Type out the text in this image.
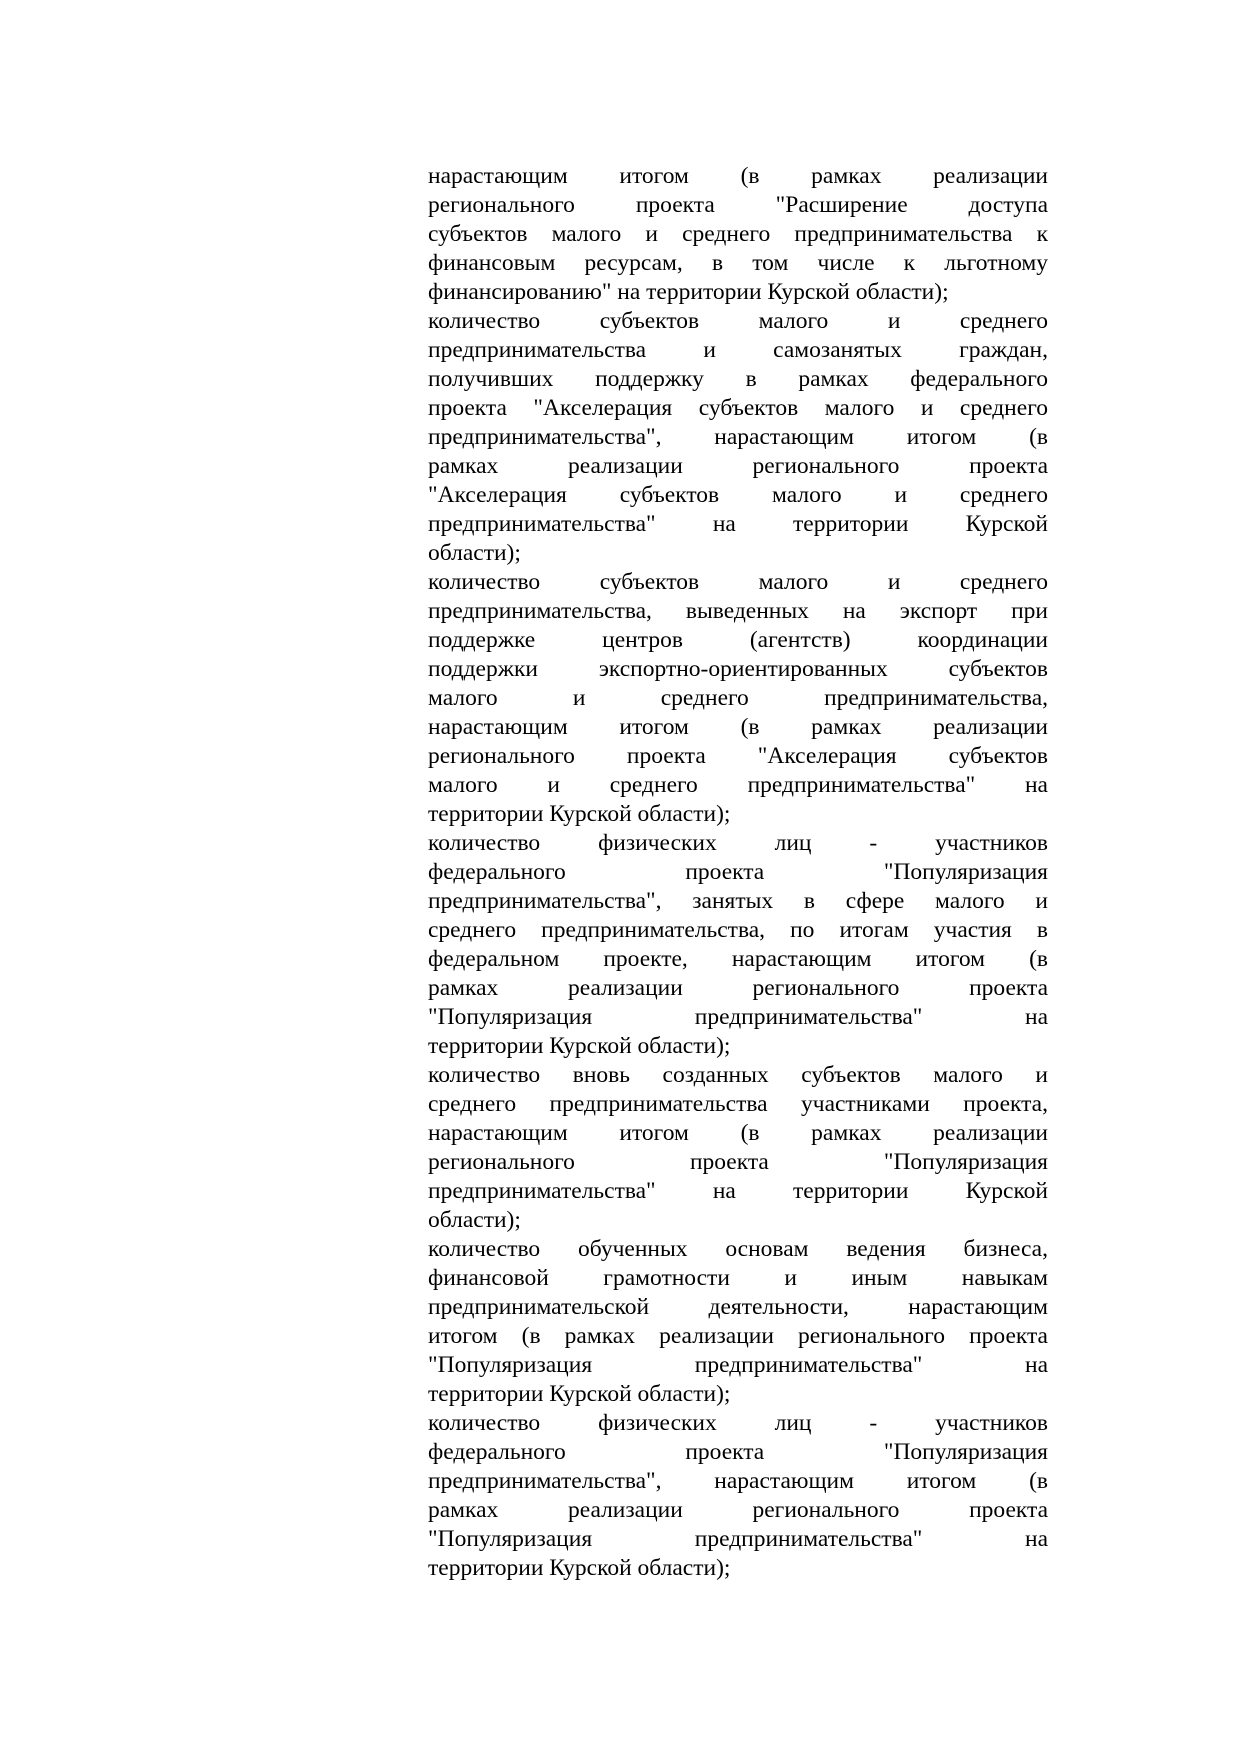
нарастающим итогом (в рамках реализации
регионального проекта "Расширение доступа
субъектов малого и среднего предпринимательства к
финансовым ресурсам, в том числе к льготному
финансированию" на территории Курской области);
количество субъектов малого и среднего
предпринимательства и самозанятых граждан,
получивших поддержку в рамках федерального
проекта "Акселерация субъектов малого и среднего
предпринимательства", нарастающим итогом (в
рамках реализации регионального проекта
"Акселерация субъектов малого и среднего
предпринимательства" на территории Курской
области);
количество субъектов малого и среднего
предпринимательства, выведенных на экспорт при
поддержке центров (агентств) координации
поддержки экспортно-ориентированных субъектов
малого и среднего предпринимательства,
нарастающим итогом (в рамках реализации
регионального проекта "Акселерация субъектов
малого и среднего предпринимательства" на
территории Курской области);
количество физических лиц - участников
федерального проекта "Популяризация
предпринимательства", занятых в сфере малого и
среднего предпринимательства, по итогам участия в
федеральном проекте, нарастающим итогом (в
рамках реализации регионального проекта
"Популяризация предпринимательства" на
территории Курской области);
количество вновь созданных субъектов малого и
среднего предпринимательства участниками проекта,
нарастающим итогом (в рамках реализации
регионального проекта "Популяризация
предпринимательства" на территории Курской
области);
количество обученных основам ведения бизнеса,
финансовой грамотности и иным навыкам
предпринимательской деятельности, нарастающим
итогом (в рамках реализации регионального проекта
"Популяризация предпринимательства" на
территории Курской области);
количество физических лиц - участников
федерального проекта "Популяризация
предпринимательства", нарастающим итогом (в
рамках реализации регионального проекта
"Популяризация предпринимательства" на
территории Курской области);
